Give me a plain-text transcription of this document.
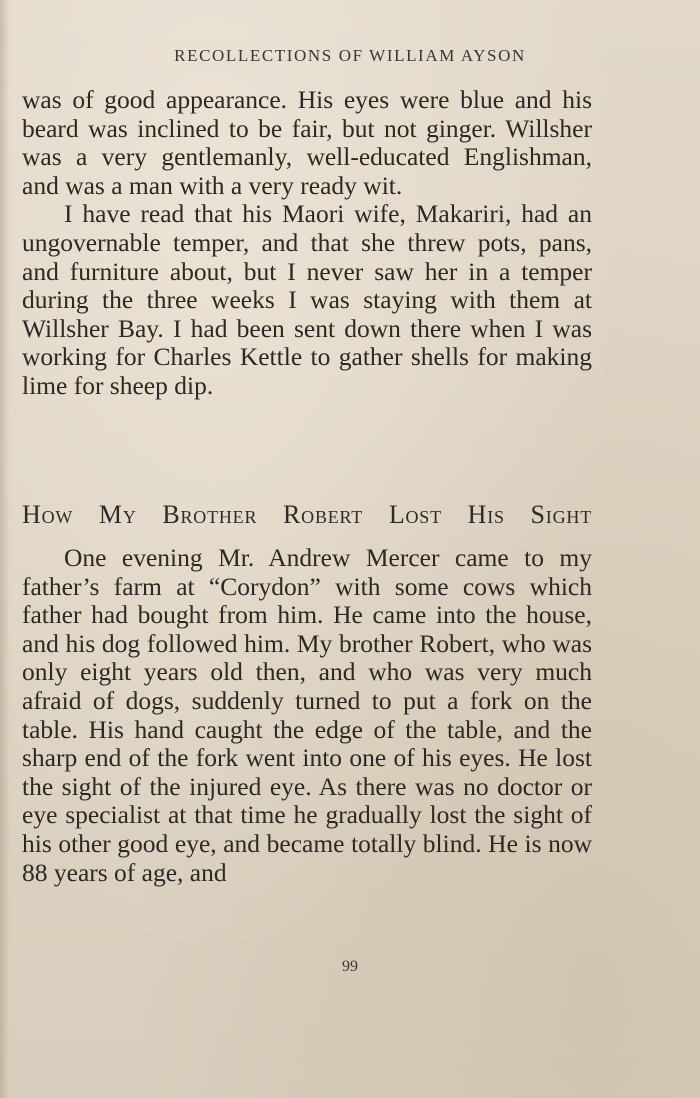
RECOLLECTIONS OF WILLIAM AYSON

was of good appearance. His eyes were blue and his beard was inclined to be fair, but not ginger. Willsher was a very gentlemanly, well-educated Englishman, and was a man with a very ready wit.

I have read that his Maori wife, Makariri, had an ungovernable temper, and that she threw pots, pans, and furniture about, but I never saw her in a temper during the three weeks I was staying with them at Willsher Bay. I had been sent down there when I was working for Charles Kettle to gather shells for making lime for sheep dip.

How My Brother Robert Lost His Sight

One evening Mr. Andrew Mercer came to my father’s farm at “Corydon” with some cows which father had bought from him. He came into the house, and his dog followed him. My brother Robert, who was only eight years old then, and who was very much afraid of dogs, suddenly turned to put a fork on the table. His hand caught the edge of the table, and the sharp end of the fork went into one of his eyes. He lost the sight of the injured eye. As there was no doctor or eye specialist at that time he gradually lost the sight of his other good eye, and became totally blind. He is now 88 years of age, and

99
